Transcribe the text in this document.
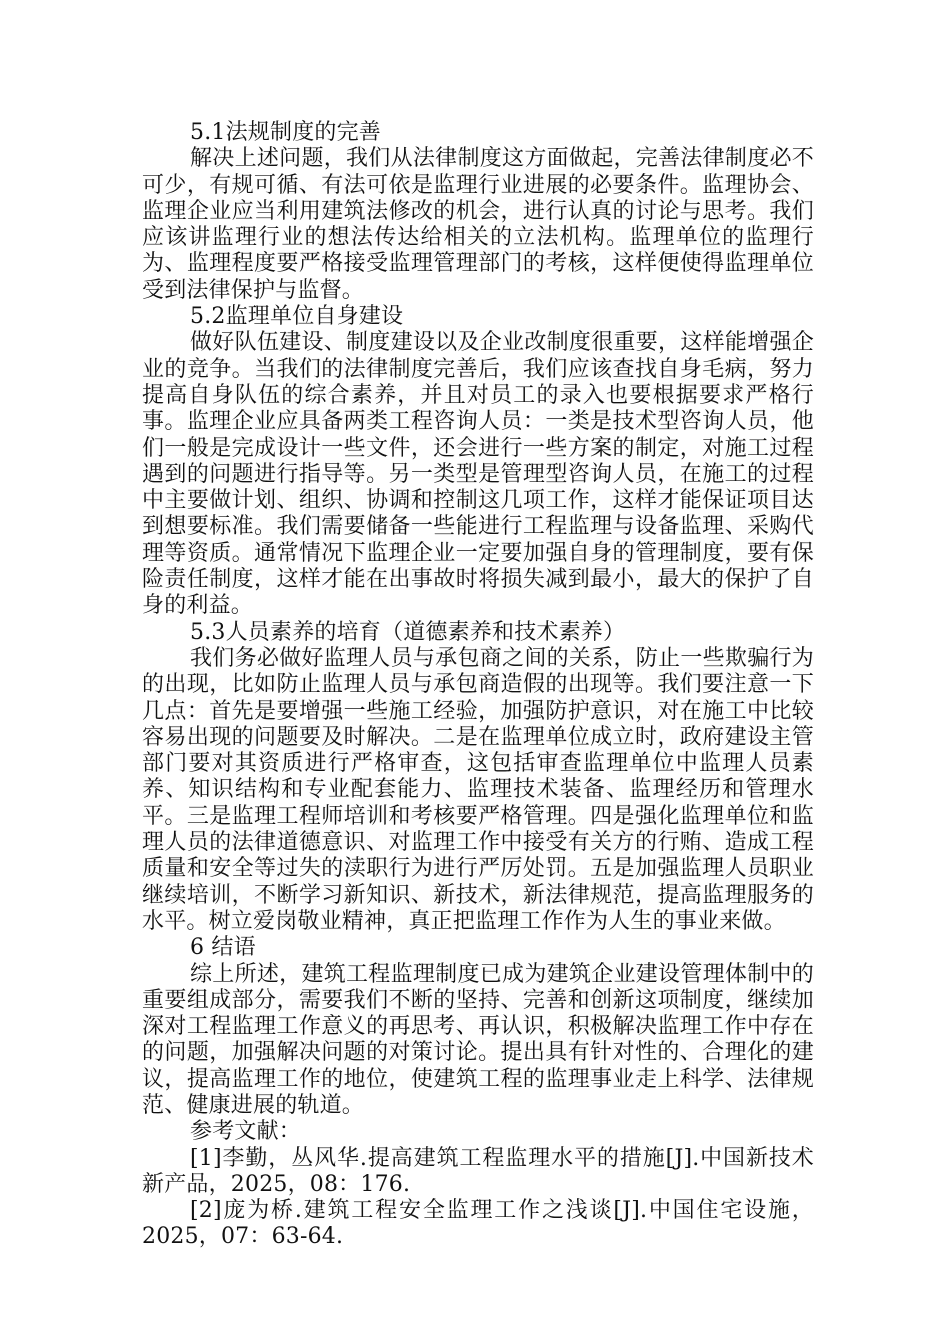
5.1法规制度的完善

解决上述问题，我们从法律制度这方面做起，完善法律制度必不可少，有规可循、有法可依是监理行业进展的必要条件。监理协会、监理企业应当利用建筑法修改的机会，进行认真的讨论与思考。我们应该讲监理行业的想法传达给相关的立法机构。监理单位的监理行为、监理程度要严格接受监理管理部门的考核，这样便使得监理单位受到法律保护与监督。

5.2监理单位自身建设

做好队伍建设、制度建设以及企业改制度很重要，这样能增强企业的竞争。当我们的法律制度完善后，我们应该查找自身毛病，努力提高自身队伍的综合素养，并且对员工的录入也要根据要求严格行事。监理企业应具备两类工程咨询人员：一类是技术型咨询人员，他们一般是完成设计一些文件，还会进行一些方案的制定，对施工过程遇到的问题进行指导等。另一类型是管理型咨询人员，在施工的过程中主要做计划、组织、协调和控制这几项工作，这样才能保证项目达到想要标准。我们需要储备一些能进行工程监理与设备监理、采购代理等资质。通常情况下监理企业一定要加强自身的管理制度，要有保险责任制度，这样才能在出事故时将损失减到最小，最大的保护了自身的利益。

5.3人员素养的培育（道德素养和技术素养）

我们务必做好监理人员与承包商之间的关系，防止一些欺骗行为的出现，比如防止监理人员与承包商造假的出现等。我们要注意一下几点：首先是要增强一些施工经验，加强防护意识，对在施工中比较容易出现的问题要及时解决。二是在监理单位成立时，政府建设主管部门要对其资质进行严格审查，这包括审查监理单位中监理人员素养、知识结构和专业配套能力、监理技术装备、监理经历和管理水平。三是监理工程师培训和考核要严格管理。四是强化监理单位和监理人员的法律道德意识、对监理工作中接受有关方的行贿、造成工程质量和安全等过失的渎职行为进行严厉处罚。五是加强监理人员职业继续培训，不断学习新知识、新技术，新法律规范，提高监理服务的水平。树立爱岗敬业精神，真正把监理工作作为人生的事业来做。

6 结语

综上所述，建筑工程监理制度已成为建筑企业建设管理体制中的重要组成部分，需要我们不断的坚持、完善和创新这项制度，继续加深对工程监理工作意义的再思考、再认识，积极解决监理工作中存在的问题，加强解决问题的对策讨论。提出具有针对性的、合理化的建议，提高监理工作的地位，使建筑工程的监理事业走上科学、法律规范、健康进展的轨道。

参考文献：

[1]李勤，丛风华.提高建筑工程监理水平的措施[J].中国新技术新产品，2025，08：176.

[2]庞为桥.建筑工程安全监理工作之浅谈[J].中国住宅设施，2025，07：63-64.
